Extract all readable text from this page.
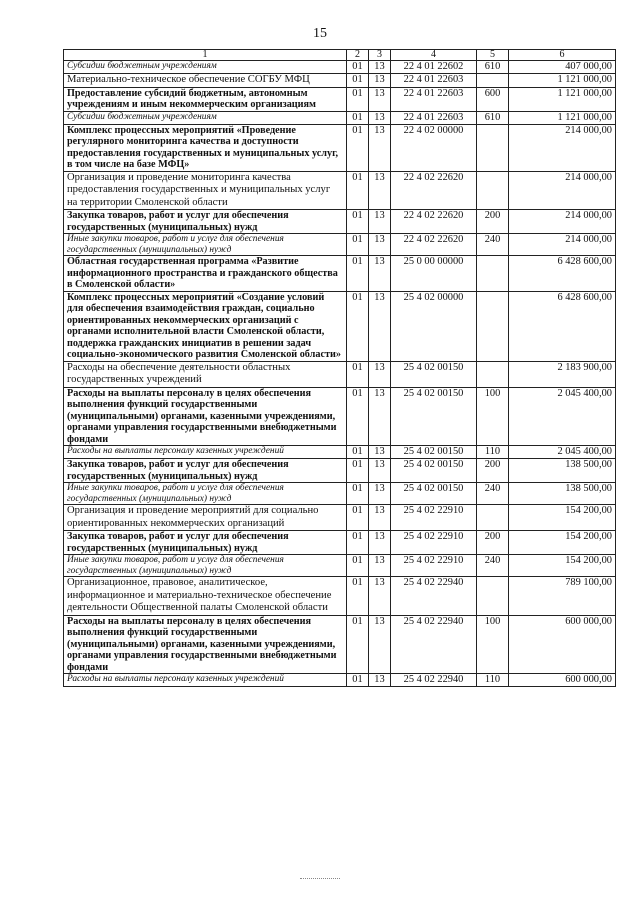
15
1	2	3	4	5	6
Субсидии бюджетным учреждениям	01	13	22 4 01 22602	610	407 000,00
Материально-техническое обеспечение СОГБУ МФЦ	01	13	22 4 01 22603		1 121 000,00
Предоставление субсидий бюджетным, автономным учреждениям и иным некоммерческим организациям	01	13	22 4 01 22603	600	1 121 000,00
Субсидии бюджетным учреждениям	01	13	22 4 01 22603	610	1 121 000,00
Комплекс процессных мероприятий «Проведение регулярного мониторинга качества и доступности предоставления государственных и муниципальных услуг, в том числе на базе МФЦ»	01	13	22 4 02 00000		214 000,00
Организация и проведение мониторинга качества предоставления государственных и муниципальных услуг на территории Смоленской области	01	13	22 4 02 22620		214 000,00
Закупка товаров, работ и услуг для обеспечения государственных (муниципальных) нужд	01	13	22 4 02 22620	200	214 000,00
Иные закупки товаров, работ и услуг для обеспечения государственных (муниципальных) нужд	01	13	22 4 02 22620	240	214 000,00
Областная государственная программа «Развитие информационного пространства и гражданского общества в Смоленской области»	01	13	25 0 00 00000		6 428 600,00
Комплекс процессных мероприятий «Создание условий для обеспечения взаимодействия граждан, социально ориентированных некоммерческих организаций с органами исполнительной власти Смоленской области, поддержка гражданских инициатив в решении задач социально-экономического развития Смоленской области»	01	13	25 4 02 00000		6 428 600,00
Расходы на обеспечение деятельности областных государственных учреждений	01	13	25 4 02 00150		2 183 900,00
Расходы на выплаты персоналу в целях обеспечения выполнения функций государственными (муниципальными) органами, казенными учреждениями, органами управления государственными внебюджетными фондами	01	13	25 4 02 00150	100	2 045 400,00
Расходы на выплаты персоналу казенных учреждений	01	13	25 4 02 00150	110	2 045 400,00
Закупка товаров, работ и услуг для обеспечения государственных (муниципальных) нужд	01	13	25 4 02 00150	200	138 500,00
Иные закупки товаров, работ и услуг для обеспечения государственных (муниципальных) нужд	01	13	25 4 02 00150	240	138 500,00
Организация и проведение мероприятий для социально ориентированных некоммерческих организаций	01	13	25 4 02 22910		154 200,00
Закупка товаров, работ и услуг для обеспечения государственных (муниципальных) нужд	01	13	25 4 02 22910	200	154 200,00
Иные закупки товаров, работ и услуг для обеспечения государственных (муниципальных) нужд	01	13	25 4 02 22910	240	154 200,00
Организационное, правовое, аналитическое, информационное и материально-техническое обеспечение деятельности Общественной палаты Смоленской области	01	13	25 4 02 22940		789 100,00
Расходы на выплаты персоналу в целях обеспечения выполнения функций государственными (муниципальными) органами, казенными учреждениями, органами управления государственными внебюджетными фондами	01	13	25 4 02 22940	100	600 000,00
Расходы на выплаты персоналу казенных учреждений	01	13	25 4 02 22940	110	600 000,00
